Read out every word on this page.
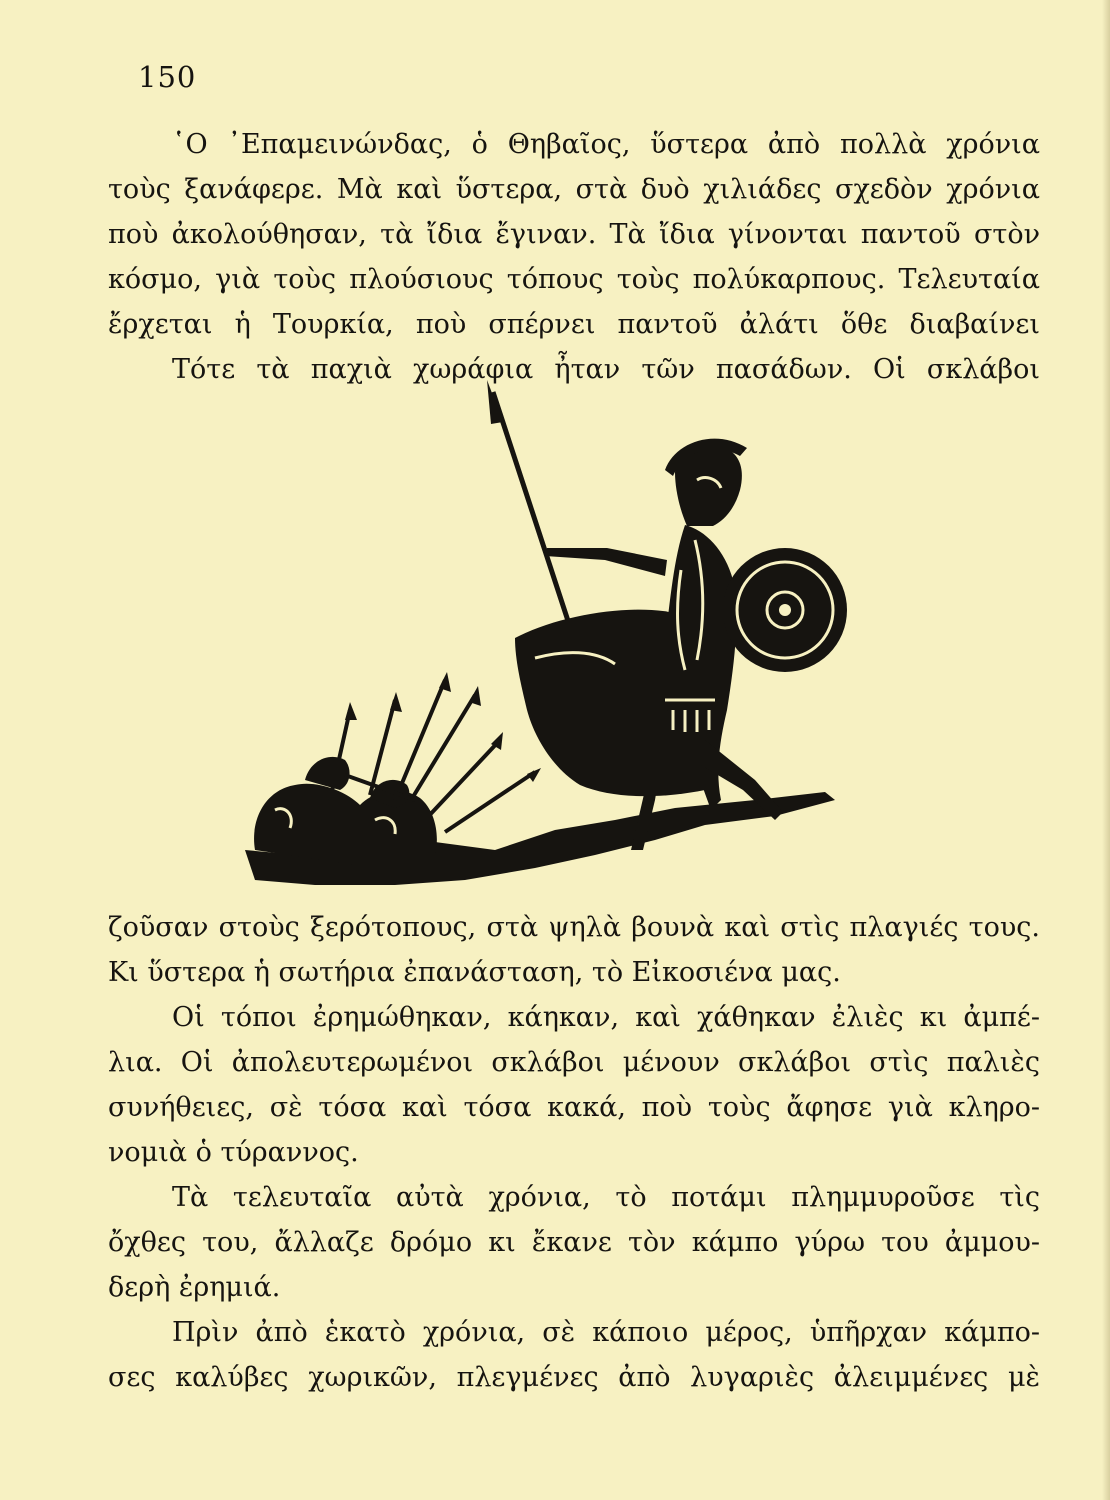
150
῾Ο ᾿Επαμεινώνδας, ὁ Θηβαῖος, ὕστερα ἀπὸ πολλὰ χρόνια
τοὺς ξανάφερε. Μὰ καὶ ὕστερα, στὰ δυὸ χιλιάδες σχεδὸν χρόνια
ποὺ ἀκολούθησαν, τὰ ἴδια ἔγιναν. Τὰ ἴδια γίνονται παντοῦ στὸν
κόσμο, γιὰ τοὺς πλούσιους τόπους τοὺς πολύκαρπους. Τελευταία
ἔρχεται ἡ Τουρκία, ποὺ σπέρνει παντοῦ ἀλάτι ὅθε διαβαίνει
Τότε τὰ παχιὰ χωράφια ἦταν τῶν πασάδων. Οἱ σκλάβοι
ζοῦσαν στοὺς ξερότοπους, στὰ ψηλὰ βουνὰ καὶ στὶς πλαγιές τους.
Κι ὕστερα ἡ σωτήρια ἐπανάσταση, τὸ Εἰκοσιένα μας.
Οἱ τόποι ἐρημώθηκαν, κάηκαν, καὶ χάθηκαν ἐλιὲς κι ἀμπέ-
λια. Οἱ ἀπολευτερωμένοι σκλάβοι μένουν σκλάβοι στὶς παλιὲς
συνήθειες, σὲ τόσα καὶ τόσα κακά, ποὺ τοὺς ἄφησε γιὰ κληρο-
νομιὰ ὁ τύραννος.
Τὰ τελευταῖα αὐτὰ χρόνια, τὸ ποτάμι πλημμυροῦσε τὶς
ὄχθες του, ἄλλαζε δρόμο κι ἔκανε τὸν κάμπο γύρω του ἀμμου-
δερὴ ἐρημιά.
Πρὶν ἀπὸ ἑκατὸ χρόνια, σὲ κάποιο μέρος, ὑπῆρχαν κάμπο-
σες καλύβες χωρικῶν, πλεγμένες ἀπὸ λυγαριὲς ἀλειμμένες μὲ
